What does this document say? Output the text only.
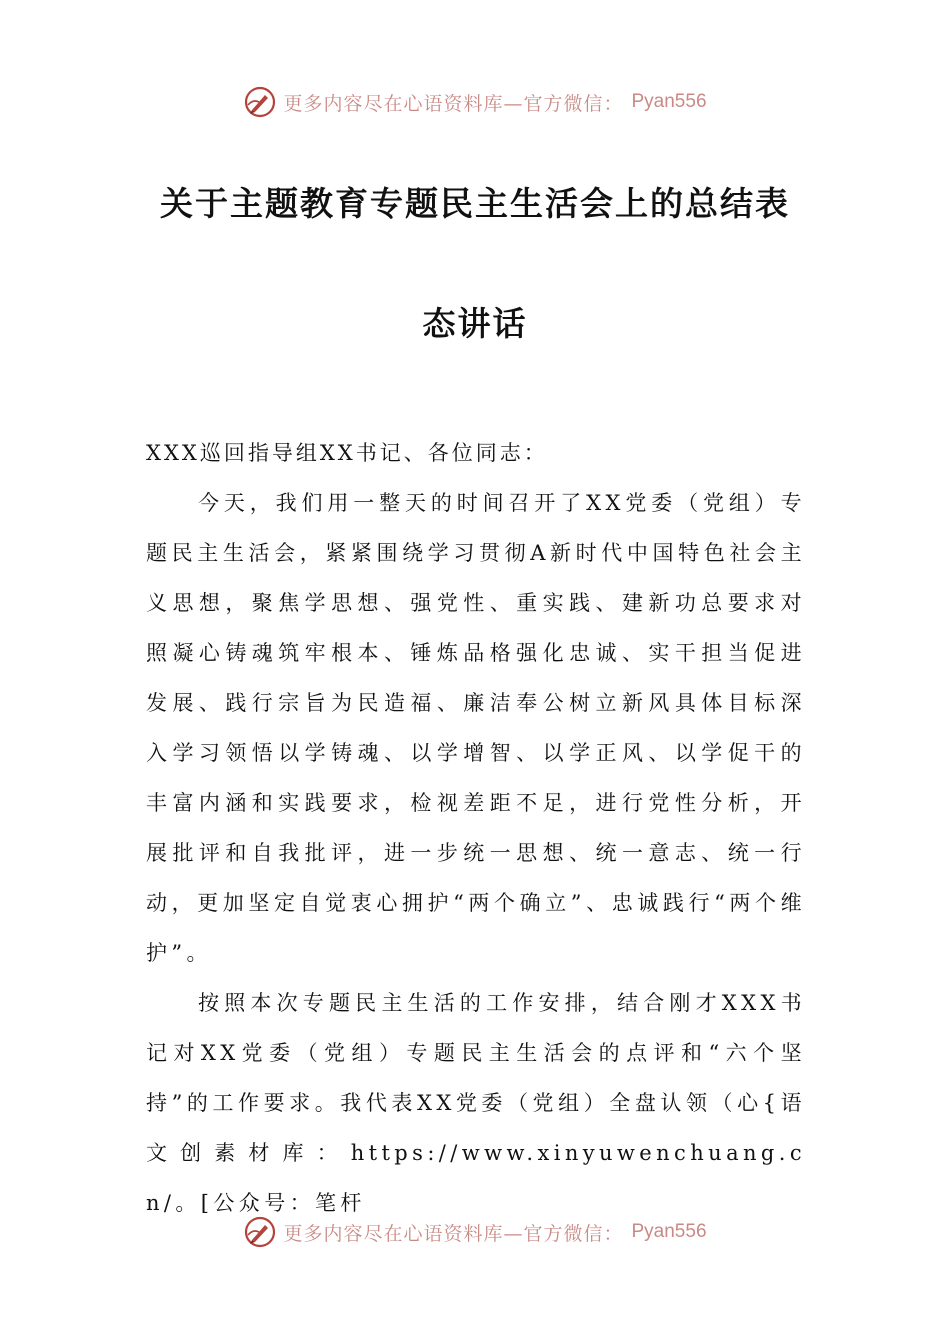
更多内容尽在心语资料库—官方微信： Pyan556
关于主题教育专题民主生活会上的总结表
态讲话

XXX巡回指导组XX书记、各位同志：

今天，我们用一整天的时间召开了XX党委（党组）专题民主生活会，紧紧围绕学习贯彻A新时代中国特色社会主义思想，聚焦学思想、强党性、重实践、建新功总要求对照凝心铸魂筑牢根本、锤炼品格强化忠诚、实干担当促进发展、践行宗旨为民造福、廉洁奉公树立新风具体目标深入学习领悟以学铸魂、以学增智、以学正风、以学促干的丰富内涵和实践要求，检视差距不足，进行党性分析，开展批评和自我批评，进一步统一思想、统一意志、统一行动，更加坚定自觉衷心拥护“两个确立”、忠诚践行“两个维护”。

按照本次专题民主生活的工作安排，结合刚才XXX书记对XX党委（党组）专题民主生活会的点评和“六个坚持”的工作要求。我代表XX党委（党组）全盘认领（心{语文创素材库：https://www.xinyuwenchuang.cn/。[公众号：笔杆

更多内容尽在心语资料库—官方微信： Pyan556
